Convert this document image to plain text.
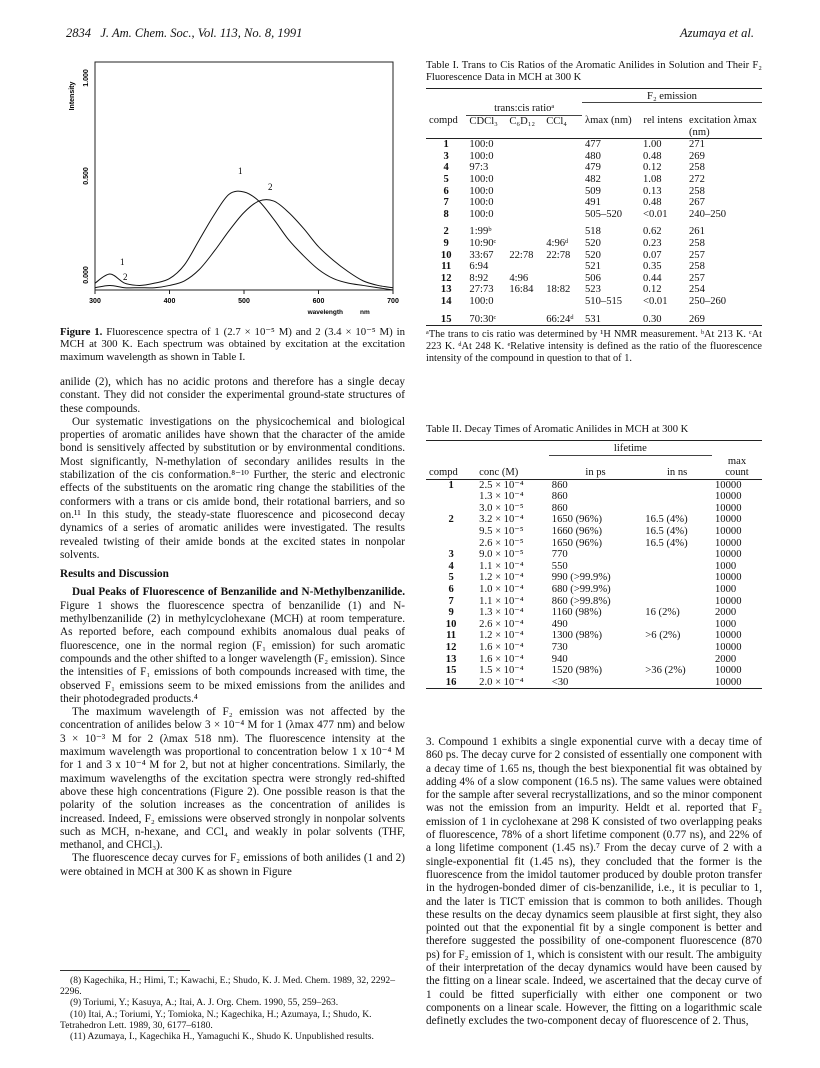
2834 J. Am. Chem. Soc., Vol. 113, No. 8, 1991	Azumaya et al.
Intensity
1.000
0.500
0.000
300	400	500	600	700
1
2
1
2
wavelength	nm
Figure 1. Fluorescence spectra of 1 (2.7 × 10⁻⁵ M) and 2 (3.4 × 10⁻⁵ M) in MCH at 300 K. Each spectrum was obtained by excitation at the excitation maximum wavelength as shown in Table I.

anilide (2), which has no acidic protons and therefore has a single decay constant. They did not consider the experimental ground-state structures of these compounds.

Our systematic investigations on the physicochemical and biological properties of aromatic anilides have shown that the character of the amide bond is sensitively affected by substitution or by environmental conditions. Most significantly, N-methylation of secondary anilides results in the stabilization of the cis conformation.⁸⁻¹⁰ Further, the steric and electronic effects of the substituents on the aromatic ring change the stabilities of the conformers with a trans or cis amide bond, their rotational barriers, and so on.¹¹ In this study, the steady-state fluorescence and picosecond decay dynamics of a series of aromatic anilides were investigated. The results revealed twisting of their amide bonds at the excited states in nonpolar solvents.

Results and Discussion

Dual Peaks of Fluorescence of Benzanilide and N-Methylbenzanilide. Figure 1 shows the fluorescence spectra of benzanilide (1) and N-methylbenzanilide (2) in methylcyclohexane (MCH) at room temperature. As reported before, each compound exhibits anomalous dual peaks of fluorescence, one in the normal region (F₁ emission) for such aromatic compounds and the other shifted to a longer wavelength (F₂ emission). Since the intensities of F₁ emissions of both compounds increased with time, the observed F₁ emissions seem to be mixed emissions from the anilides and their photodegraded products.⁴

The maximum wavelength of F₂ emission was not affected by the concentration of anilides below 3 × 10⁻⁴ M for 1 (λmax 477 nm) and below 3 × 10⁻³ M for 2 (λmax 518 nm). The fluorescence intensity at the maximum wavelength was proportional to concentration below 1 x 10⁻⁴ M for 1 and 3 x 10⁻⁴ M for 2, but not at higher concentrations. Similarly, the maximum wavelengths of the excitation spectra were strongly red-shifted above these high concentrations (Figure 2). One possible reason is that the polarity of the solution increases as the concentration of anilides is increased. Indeed, F₂ emissions were observed strongly in nonpolar solvents such as MCH, n-hexane, and CCl₄ and weakly in polar solvents (THF, methanol, and CHCl₃).

The fluorescence decay curves for F₂ emissions of both anilides (1 and 2) were obtained in MCH at 300 K as shown in Figure

(8) Kagechika, H.; Himi, T.; Kawachi, E.; Shudo, K. J. Med. Chem. 1989, 32, 2292–2296.
(9) Toriumi, Y.; Kasuya, A.; Itai, A. J. Org. Chem. 1990, 55, 259–263.
(10) Itai, A.; Toriumi, Y.; Tomioka, N.; Kagechika, H.; Azumaya, I.; Shudo, K. Tetrahedron Lett. 1989, 30, 6177–6180.
(11) Azumaya, I., Kagechika H., Yamaguchi K., Shudo K. Unpublished results.
Table I. Trans to Cis Ratios of the Aromatic Anilides in Solution and Their F₂ Fluorescence Data in MCH at 300 K
				F₂ emission		
	trans:cis ratioᵃ					
compd	CDCl₃	C₆D₁₂	CCl₄	λmax (nm)	rel intens	excitation λmax (nm)
1	100:0			477	1.00	271
3	100:0			480	0.48	269
4	97:3			479	0.12	258
5	100:0			482	1.08	272
6	100:0			509	0.13	258
7	100:0			491	0.48	267
8	100:0			505–520	<0.01	240–250

2	1:99ᵇ			518	0.62	261
9	10:90ᶜ		4:96ᵈ	520	0.23	258
10	33:67	22:78	22:78	520	0.07	257
11	6:94			521	0.35	258
12	8:92	4:96		506	0.44	257
13	27:73	16:84	18:82	523	0.12	254
14	100:0			510–515	<0.01	250–260

15	70:30ᶜ		66:24ᵈ	531	0.30	269
ᵃThe trans to cis ratio was determined by ¹H NMR measurement. ᵇAt 213 K. ᶜAt 223 K. ᵈAt 248 K. ᵉRelative intensity is defined as the ratio of the fluorescence intensity of the compound in question to that of 1.
Table II. Decay Times of Aromatic Anilides in MCH at 300 K
		lifetime		
compd	conc (M)	in ps	in ns	max count
1	2.5 × 10⁻⁴	860		10000
	1.3 × 10⁻⁴	860		10000
	3.0 × 10⁻⁵	860		10000
2	3.2 × 10⁻⁴	1650 (96%)	16.5 (4%)	10000
	9.5 × 10⁻⁵	1660 (96%)	16.5 (4%)	10000
	2.6 × 10⁻⁵	1650 (96%)	16.5 (4%)	10000
3	9.0 × 10⁻⁵	770		10000
4	1.1 × 10⁻⁴	550		1000
5	1.2 × 10⁻⁴	990 (>99.9%)		10000
6	1.0 × 10⁻⁴	680 (>99.9%)		1000
7	1.1 × 10⁻⁴	860 (>99.8%)		10000
9	1.3 × 10⁻⁴	1160 (98%)	16 (2%)	2000
10	2.6 × 10⁻⁴	490		1000
11	1.2 × 10⁻⁴	1300 (98%)	>6 (2%)	10000
12	1.6 × 10⁻⁴	730		10000
13	1.6 × 10⁻⁴	940		2000
15	1.5 × 10⁻⁴	1520 (98%)	>36 (2%)	10000
16	2.0 × 10⁻⁴	<30		10000

3. Compound 1 exhibits a single exponential curve with a decay time of 860 ps. The decay curve for 2 consisted of essentially one component with a decay time of 1.65 ns, though the best biexponential fit was obtained by adding 4% of a slow component (16.5 ns). The same values were obtained for the sample after several recrystallizations, and so the minor component was not the emission from an impurity. Heldt et al. reported that F₂ emission of 1 in cyclohexane at 298 K consisted of two overlapping peaks of fluorescence, 78% of a short lifetime component (0.77 ns), and 22% of a long lifetime component (1.45 ns).⁷ From the decay curve of 2 with a single-exponential fit (1.45 ns), they concluded that the former is the fluorescence from the imidol tautomer produced by double proton transfer in the hydrogen-bonded dimer of cis-benzanilide, i.e., it is peculiar to 1, and the later is TICT emission that is common to both anilides. Though these results on the decay dynamics seem plausible at first sight, they also pointed out that the exponential fit by a single component is better and therefore suggested the possibility of one-component fluorescence (870 ps) for F₂ emission of 1, which is consistent with our result. The ambiguity of their interpretation of the decay dynamics would have been caused by the fitting on a linear scale. Indeed, we ascertained that the decay curve of 1 could be fitted superficially with either one component or two components on a linear scale. However, the fitting on a logarithmic scale definetly excludes the two-component decay of fluorescence of 2. Thus,
